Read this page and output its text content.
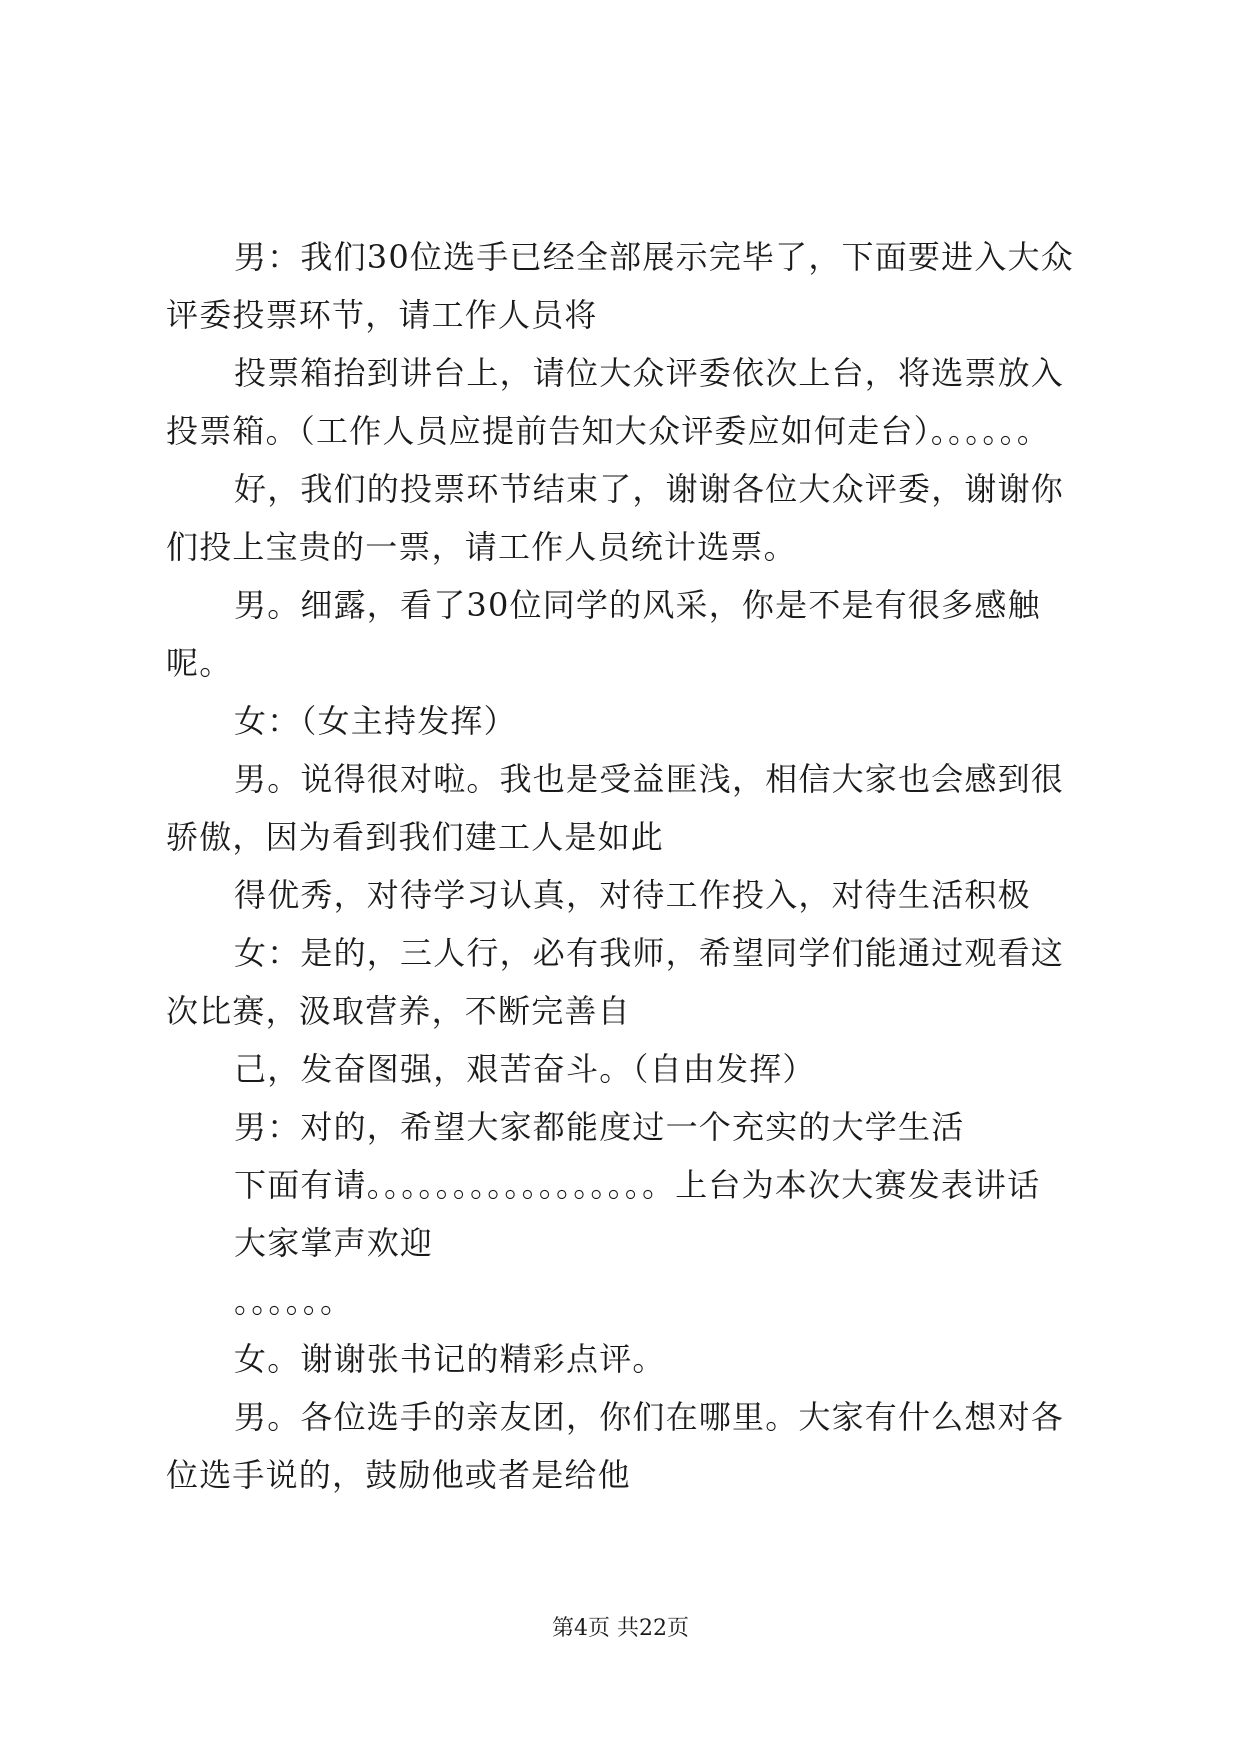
男：我们30位选手已经全部展示完毕了，下面要进入大众评委投票环节，请工作人员将

投票箱抬到讲台上，请位大众评委依次上台，将选票放入投票箱。（工作人员应提前告知大众评委应如何走台）。。。。。。

好，我们的投票环节结束了，谢谢各位大众评委，谢谢你们投上宝贵的一票，请工作人员统计选票。

男。细露，看了30位同学的风采，你是不是有很多感触呢。

女：（女主持发挥）

男。说得很对啦。我也是受益匪浅，相信大家也会感到很骄傲，因为看到我们建工人是如此

得优秀，对待学习认真，对待工作投入，对待生活积极

女：是的，三人行，必有我师，希望同学们能通过观看这次比赛，汲取营养，不断完善自

己，发奋图强，艰苦奋斗。（自由发挥）

男：对的，希望大家都能度过一个充实的大学生活

下面有请。。。。。。。。。。。。。。。。。上台为本次大赛发表讲话

大家掌声欢迎

。。。。。。

女。谢谢张书记的精彩点评。

男。各位选手的亲友团，你们在哪里。大家有什么想对各位选手说的，鼓励他或者是给他

第4页 共22页
